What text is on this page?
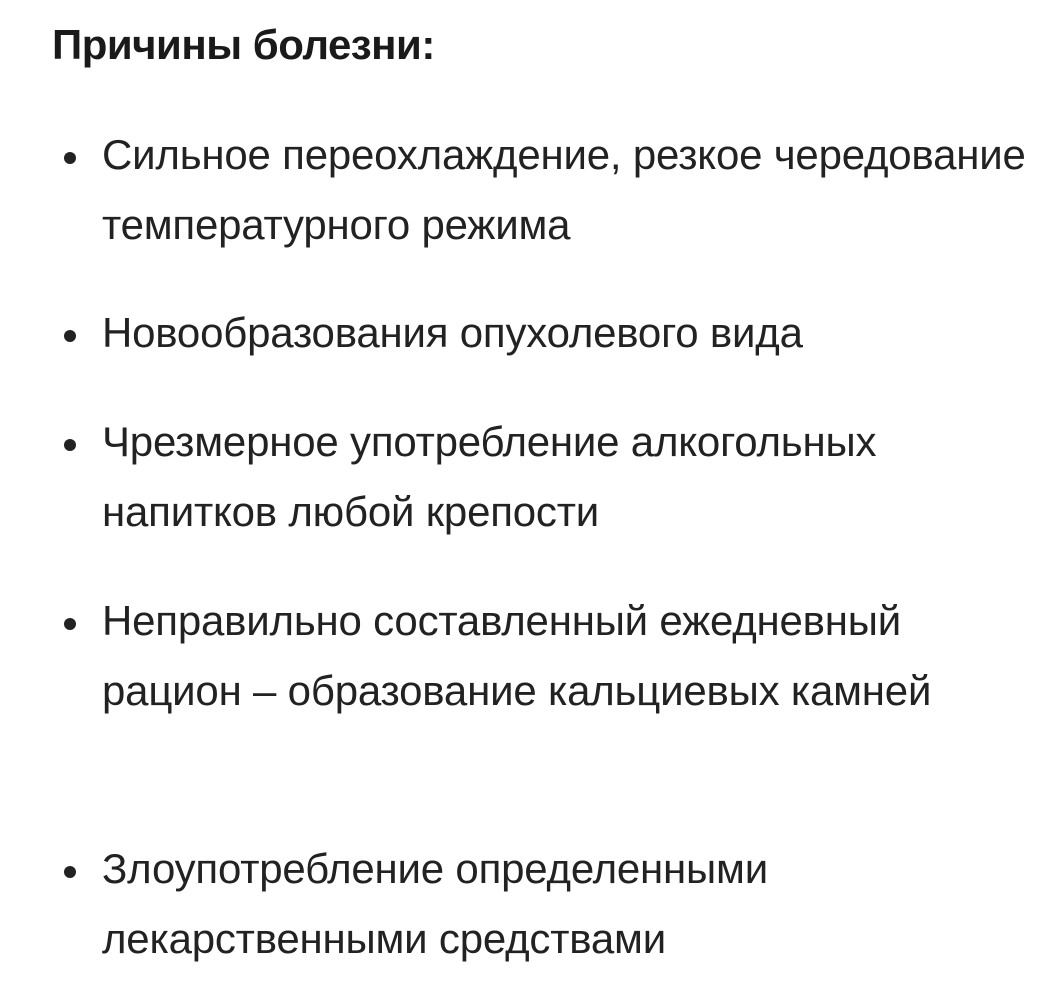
Причины болезни:
Сильное переохлаждение, резкое чередование температурного режима
Новообразования опухолевого вида
Чрезмерное употребление алкогольных напитков любой крепости
Неправильно составленный ежедневный рацион – образование кальциевых камней
Злоупотребление определенными лекарственными средствами
